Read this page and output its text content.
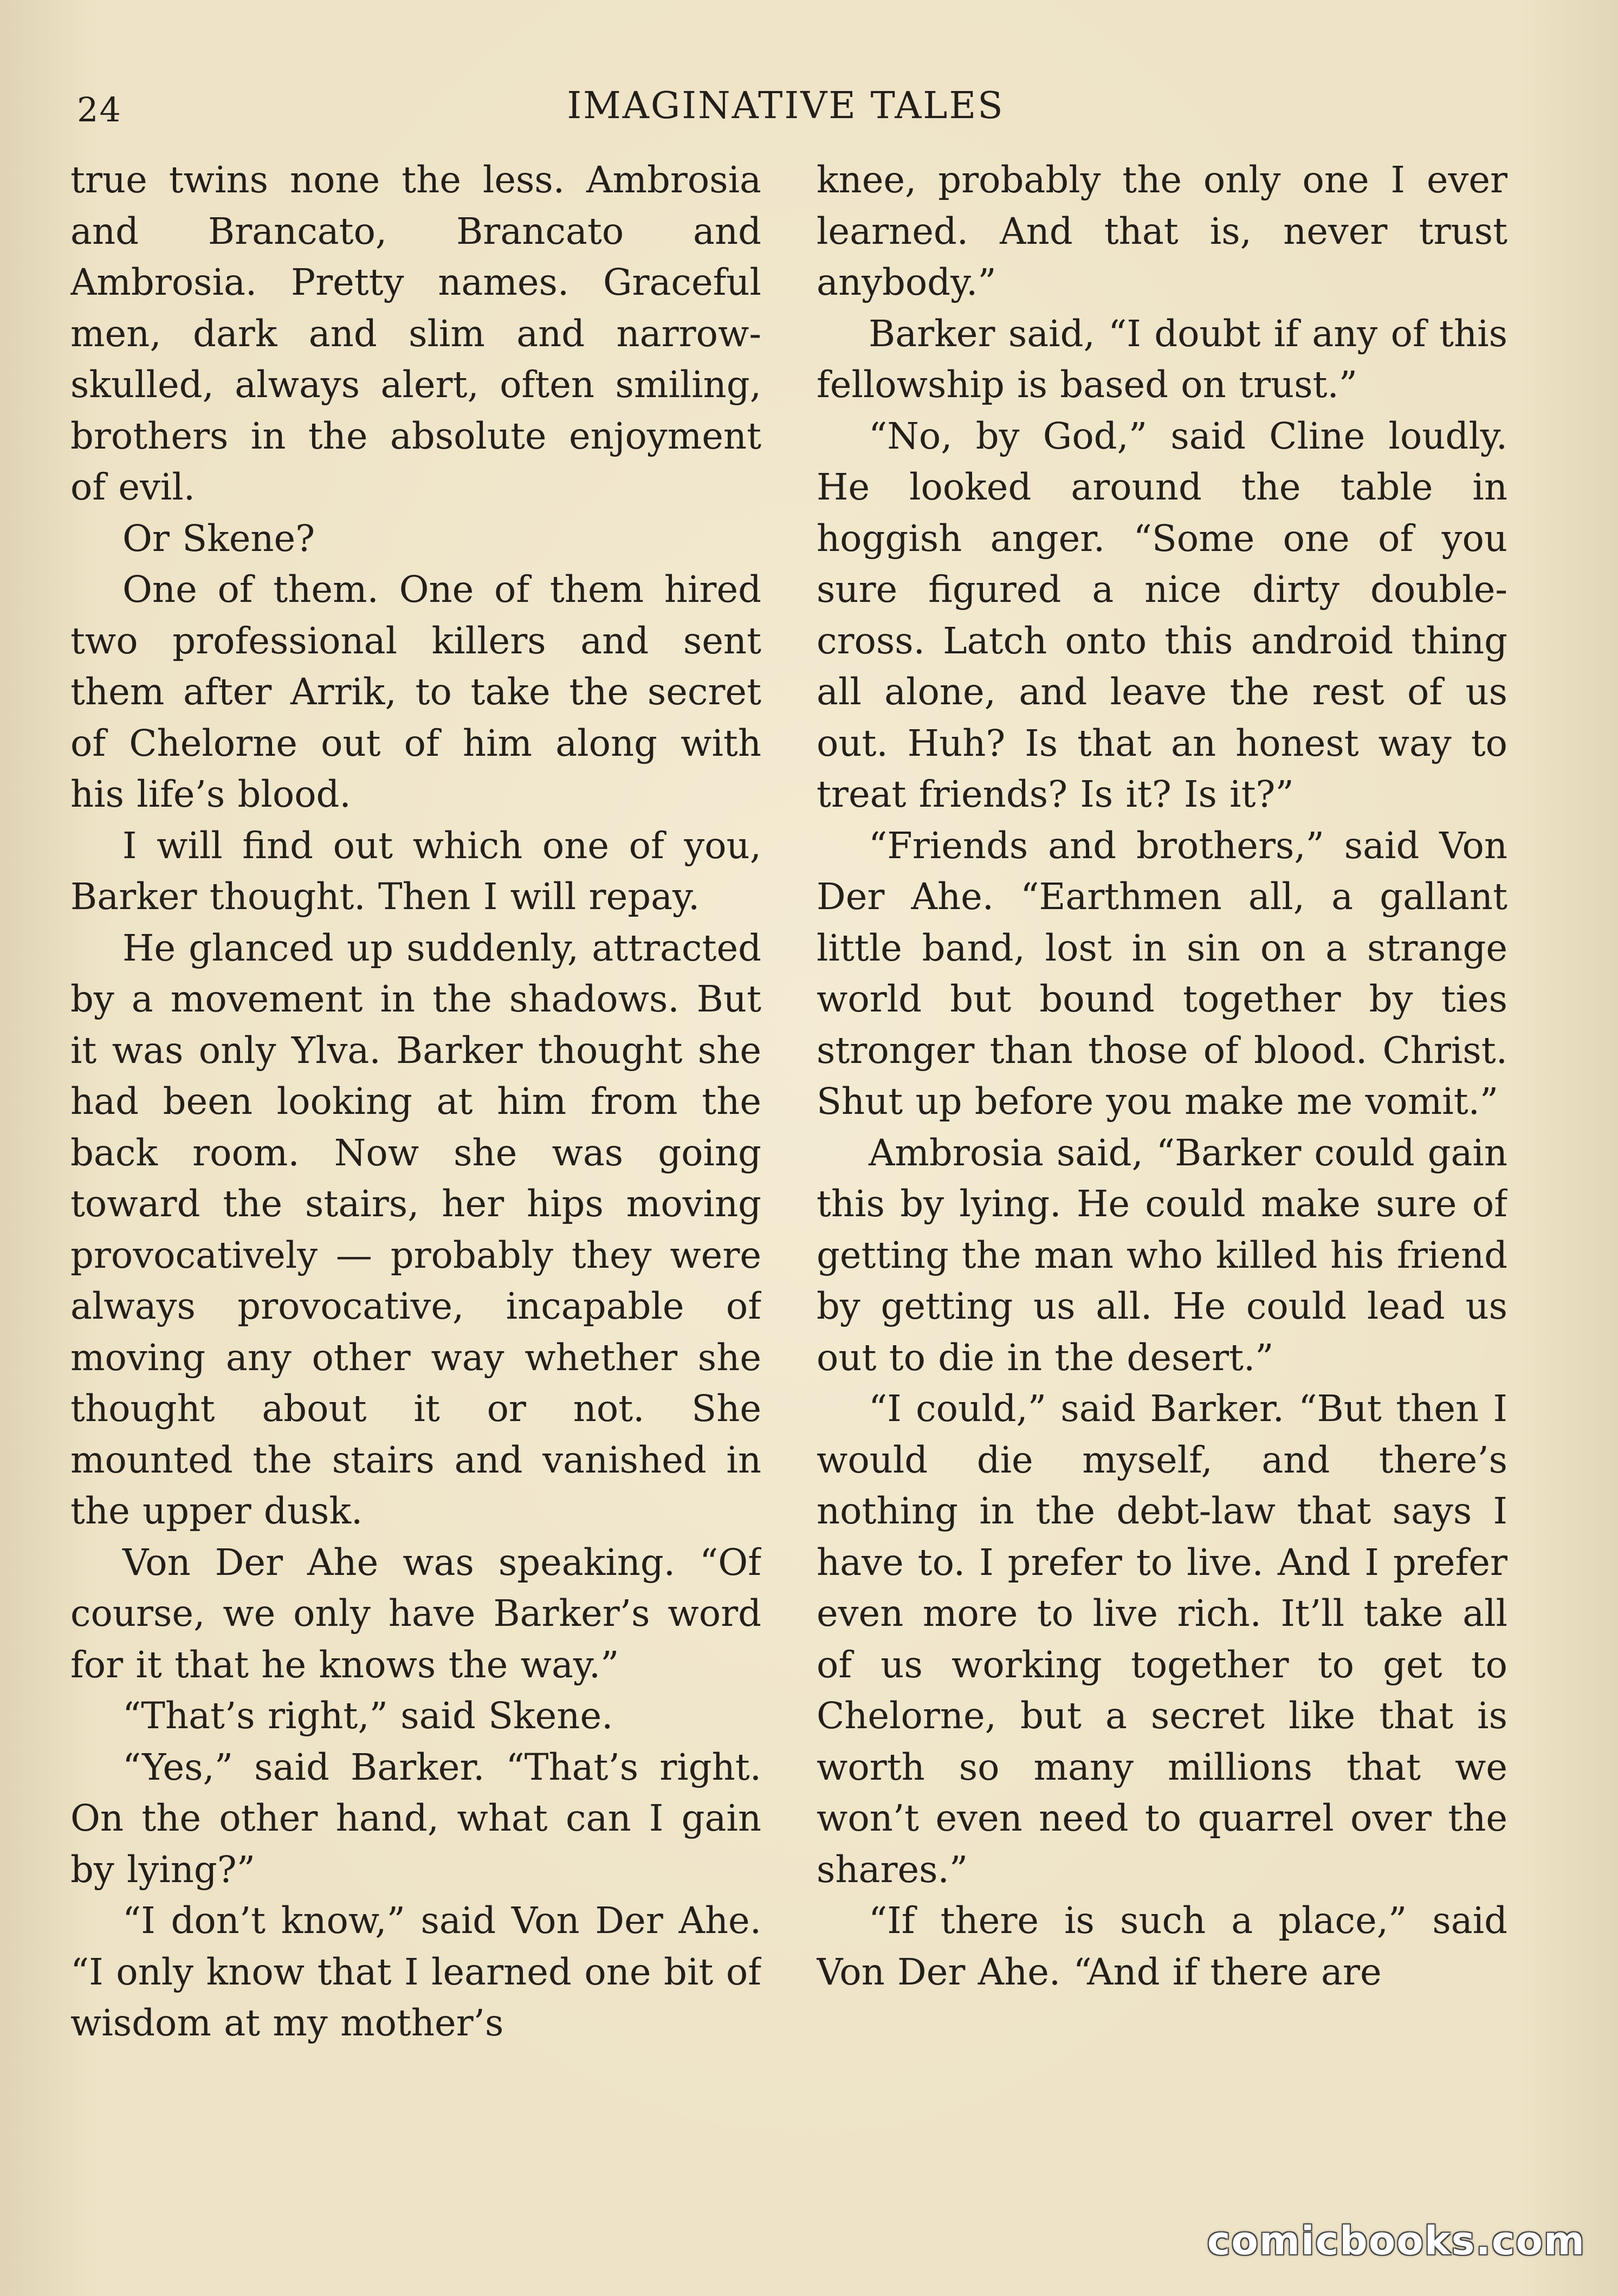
24	IMAGINATIVE TALES

true twins none the less. Ambrosia and Brancato, Brancato and Ambrosia. Pretty names. Graceful men, dark and slim and narrow-skulled, always alert, often smiling, brothers in the absolute enjoyment of evil.

Or Skene?

One of them. One of them hired two professional killers and sent them after Arrik, to take the secret of Chelorne out of him along with his life’s blood.

I will find out which one of you, Barker thought. Then I will repay.

He glanced up suddenly, attracted by a movement in the shadows. But it was only Ylva. Barker thought she had been looking at him from the back room. Now she was going toward the stairs, her hips moving provocatively — probably they were always provocative, incapable of moving any other way whether she thought about it or not. She mounted the stairs and vanished in the upper dusk.

Von Der Ahe was speaking. “Of course, we only have Barker’s word for it that he knows the way.”

“That’s right,” said Skene.

“Yes,” said Barker. “That’s right. On the other hand, what can I gain by lying?”

“I don’t know,” said Von Der Ahe. “I only know that I learned one bit of wisdom at my mother’s

knee, probably the only one I ever learned. And that is, never trust anybody.”

Barker said, “I doubt if any of this fellowship is based on trust.”

“No, by God,” said Cline loudly. He looked around the table in hoggish anger. “Some one of you sure figured a nice dirty double-cross. Latch onto this android thing all alone, and leave the rest of us out. Huh? Is that an honest way to treat friends? Is it? Is it?”

“Friends and brothers,” said Von Der Ahe. “Earthmen all, a gallant little band, lost in sin on a strange world but bound together by ties stronger than those of blood. Christ. Shut up before you make me vomit.”

Ambrosia said, “Barker could gain this by lying. He could make sure of getting the man who killed his friend by getting us all. He could lead us out to die in the desert.”

“I could,” said Barker. “But then I would die myself, and there’s nothing in the debt-law that says I have to. I prefer to live. And I prefer even more to live rich. It’ll take all of us working together to get to Chelorne, but a secret like that is worth so many millions that we won’t even need to quarrel over the shares.”

“If there is such a place,” said Von Der Ahe. “And if there are

comicbooks.com
